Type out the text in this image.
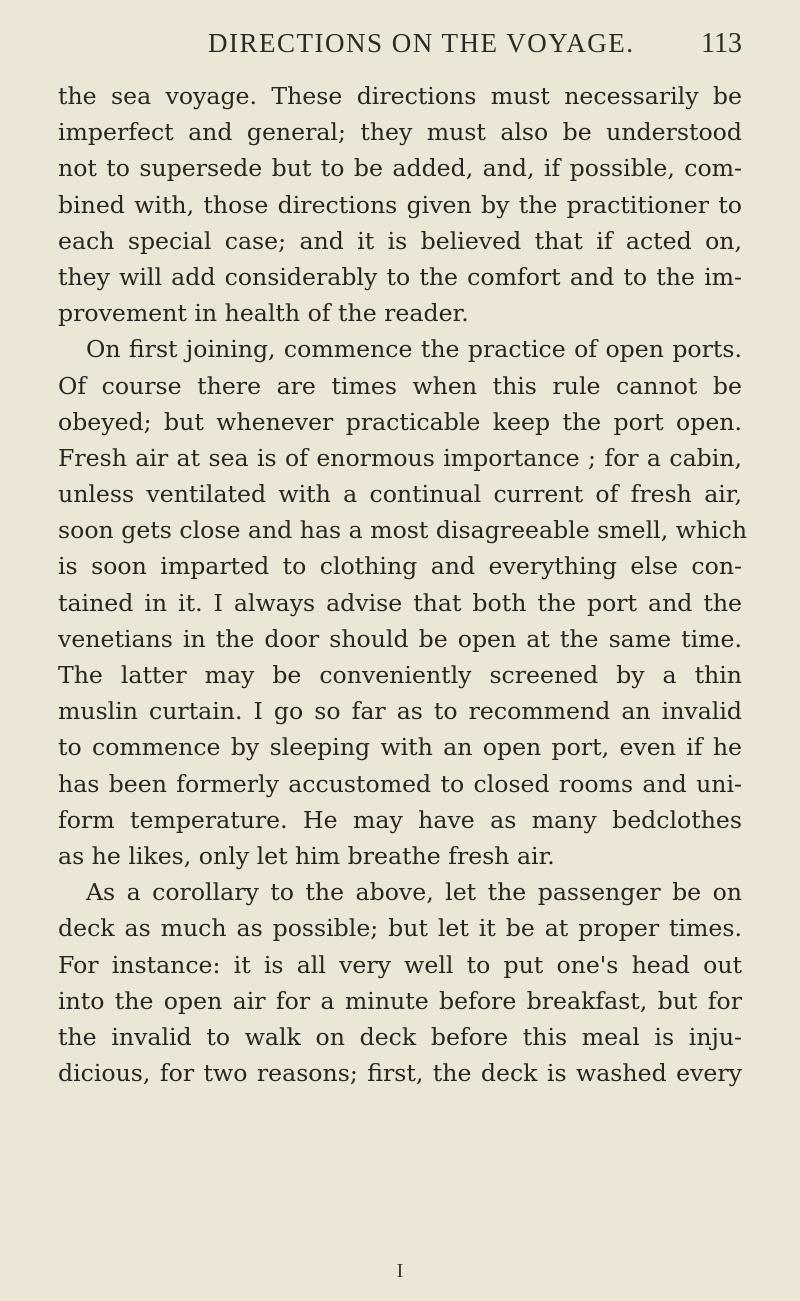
DIRECTIONS ON THE VOYAGE. 113
the sea voyage. These directions must necessarily be
imperfect and general; they must also be understood
not to supersede but to be added, and, if possible, com-
bined with, those directions given by the practitioner to
each special case; and it is believed that if acted on,
they will add considerably to the comfort and to the im-
provement in health of the reader.
On first joining, commence the practice of open ports.
Of course there are times when this rule cannot be
obeyed; but whenever practicable keep the port open.
Fresh air at sea is of enormous importance ; for a cabin,
unless ventilated with a continual current of fresh air,
soon gets close and has a most disagreeable smell, which
is soon imparted to clothing and everything else con-
tained in it. I always advise that both the port and the
venetians in the door should be open at the same time.
The latter may be conveniently screened by a thin
muslin curtain. I go so far as to recommend an invalid
to commence by sleeping with an open port, even if he
has been formerly accustomed to closed rooms and uni-
form temperature. He may have as many bedclothes
as he likes, only let him breathe fresh air.
As a corollary to the above, let the passenger be on
deck as much as possible; but let it be at proper times.
For instance: it is all very well to put one's head out
into the open air for a minute before breakfast, but for
the invalid to walk on deck before this meal is inju-
dicious, for two reasons; first, the deck is washed every
I
